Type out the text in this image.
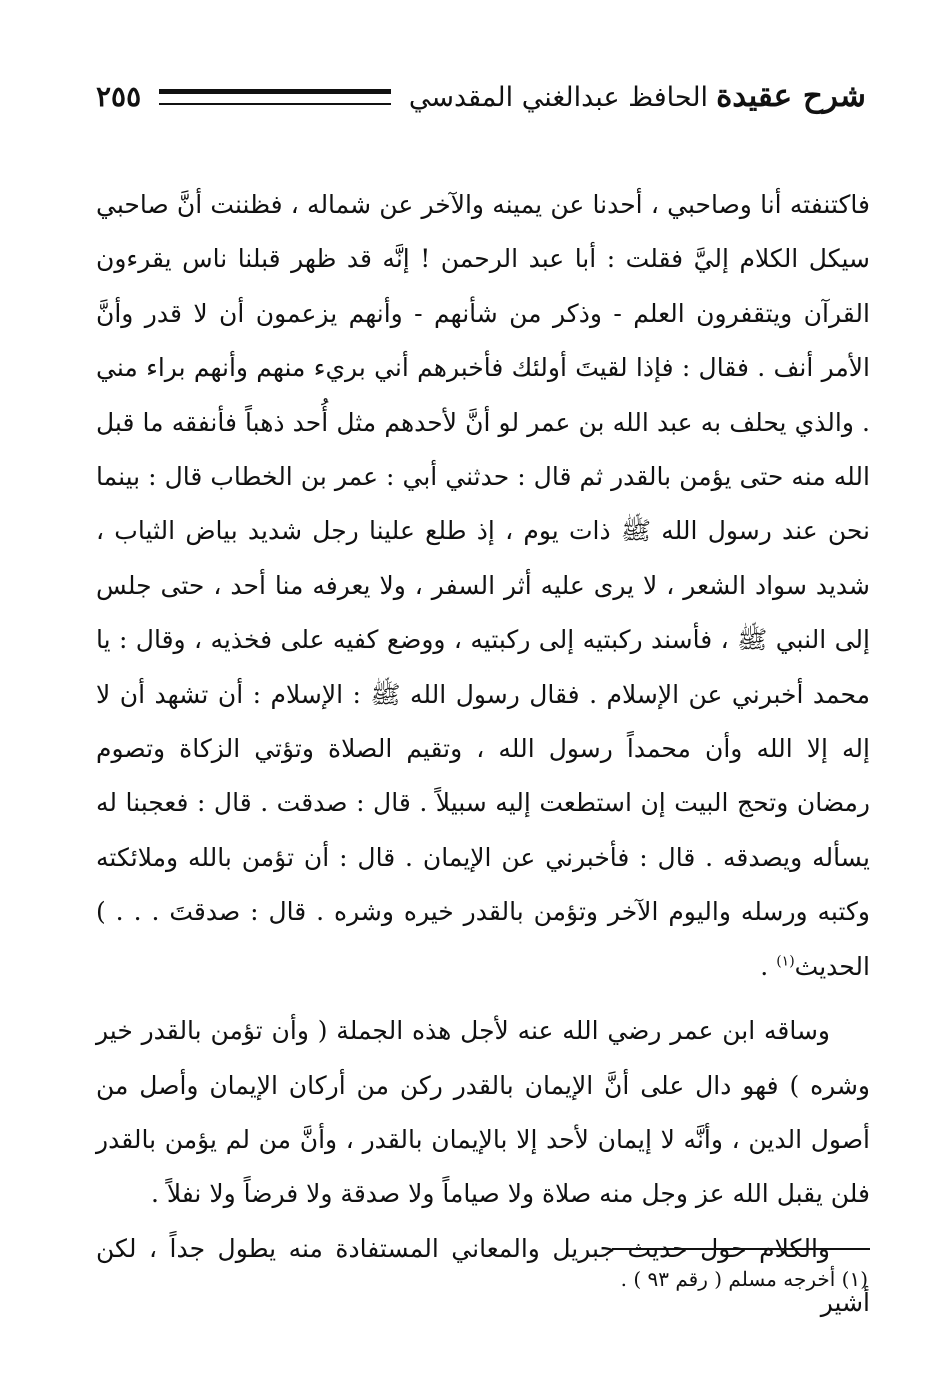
شرح عقيدةالحافظ عبدالغني المقدسي
٢٥٥

فاكتنفته أنا وصاحبي ، أحدنا عن يمينه والآخر عن شماله ، فظننت أنَّ صاحبي سيكل الكلام إليَّ فقلت : أبا عبد الرحمن ! إنَّه قد ظهر قبلنا ناس يقرءون القرآن ويتقفرون العلم - وذكر من شأنهم - وأنهم يزعمون أن لا قدر وأنَّ الأمر أنف . فقال : فإذا لقيتَ أولئك فأخبرهم أني بريء منهم وأنهم براء مني . والذي يحلف به عبد الله بن عمر لو أنَّ لأحدهم مثل أُحد ذهباً فأنفقه ما قبل الله منه حتى يؤمن بالقدر ثم قال : حدثني أبي : عمر بن الخطاب قال : بينما نحن عند رسول الله ﷺ ذات يوم ، إذ طلع علينا رجل شديد بياض الثياب ، شديد سواد الشعر ، لا يرى عليه أثر السفر ، ولا يعرفه منا أحد ، حتى جلس إلى النبي ﷺ ، فأسند ركبتيه إلى ركبتيه ، ووضع كفيه على فخذيه ، وقال : يا محمد أخبرني عن الإسلام . فقال رسول الله ﷺ : الإسلام : أن تشهد أن لا إله إلا الله وأن محمداً رسول الله ، وتقيم الصلاة وتؤتي الزكاة وتصوم رمضان وتحج البيت إن استطعت إليه سبيلاً . قال : صدقت . قال : فعجبنا له يسأله ويصدقه . قال : فأخبرني عن الإيمان . قال : أن تؤمن بالله وملائكته وكتبه ورسله واليوم الآخر وتؤمن بالقدر خيره وشره . قال : صدقتَ . . . ) الحديث$^{(١)}$ .

وساقه ابن عمر رضي الله عنه لأجل هذه الجملة ( وأن تؤمن بالقدر خير وشره ) فهو دال على أنَّ الإيمان بالقدر ركن من أركان الإيمان وأصل من أصول الدين ، وأنَّه لا إيمان لأحد إلا بالإيمان بالقدر ، وأنَّ من لم يؤمن بالقدر فلن يقبل الله عز وجل منه صلاة ولا صياماً ولا صدقة ولا فرضاً ولا نفلاً .

والكلام حول حديث جبريل والمعاني المستفادة منه يطول جداً ، لكن أشير

(١) أخرجه مسلم ( رقم ٩٣ ) .
